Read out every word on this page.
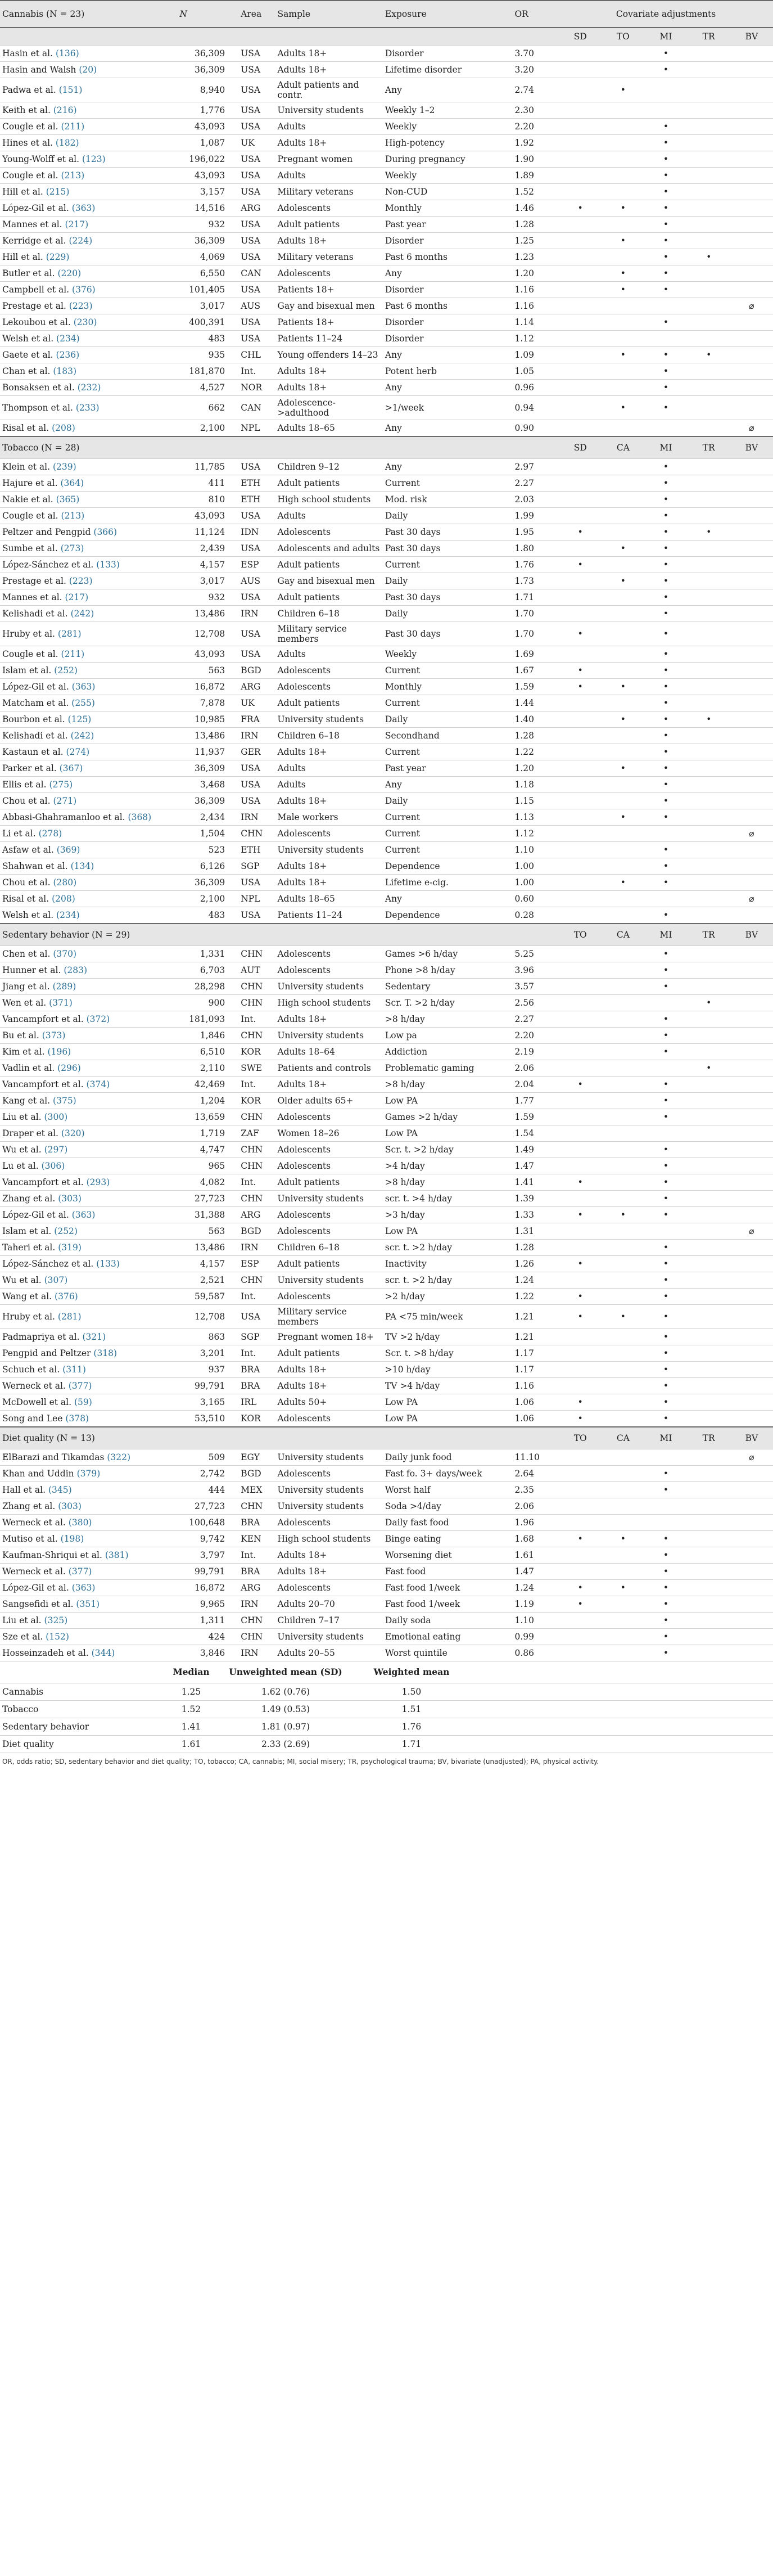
Cannabis (N = 23)	N	Area	Sample	Exposure	OR	Covariate adjustments				
						SD	TO	MI	TR	BV
Hasin et al. (136)	36,309	USA	Adults 18+	Disorder	3.70			•		
Hasin and Walsh (20)	36,309	USA	Adults 18+	Lifetime disorder	3.20			•		
Padwa et al. (151)	8,940	USA	Adult patients and contr.	Any	2.74		•			
Keith et al. (216)	1,776	USA	University students	Weekly 1–2	2.30					
Cougle et al. (211)	43,093	USA	Adults	Weekly	2.20			•		
Hines et al. (182)	1,087	UK	Adults 18+	High-potency	1.92			•		
Young-Wolff et al. (123)	196,022	USA	Pregnant women	During pregnancy	1.90			•		
Cougle et al. (213)	43,093	USA	Adults	Weekly	1.89			•		
Hill et al. (215)	3,157	USA	Military veterans	Non-CUD	1.52			•		
López-Gil et al. (363)	14,516	ARG	Adolescents	Monthly	1.46	•	•	•		
Mannes et al. (217)	932	USA	Adult patients	Past year	1.28			•		
Kerridge et al. (224)	36,309	USA	Adults 18+	Disorder	1.25		•	•		
Hill et al. (229)	4,069	USA	Military veterans	Past 6 months	1.23			•	•	
Butler et al. (220)	6,550	CAN	Adolescents	Any	1.20		•	•		
Campbell et al. (376)	101,405	USA	Patients 18+	Disorder	1.16		•	•		
Prestage et al. (223)	3,017	AUS	Gay and bisexual men	Past 6 months	1.16					⌀
Lekoubou et al. (230)	400,391	USA	Patients 18+	Disorder	1.14			•		
Welsh et al. (234)	483	USA	Patients 11–24	Disorder	1.12					
Gaete et al. (236)	935	CHL	Young offenders 14–23	Any	1.09		•	•	•	
Chan et al. (183)	181,870	Int.	Adults 18+	Potent herb	1.05			•		
Bonsaksen et al. (232)	4,527	NOR	Adults 18+	Any	0.96			•		
Thompson et al. (233)	662	CAN	Adolescence->adulthood	>1/week	0.94		•	•		
Risal et al. (208)	2,100	NPL	Adults 18–65	Any	0.90					⌀
Tobacco (N = 28)						SD	CA	MI	TR	BV
Klein et al. (239)	11,785	USA	Children 9–12	Any	2.97			•		
Hajure et al. (364)	411	ETH	Adult patients	Current	2.27			•		
Nakie et al. (365)	810	ETH	High school students	Mod. risk	2.03			•		
Cougle et al. (213)	43,093	USA	Adults	Daily	1.99			•		
Peltzer and Pengpid (366)	11,124	IDN	Adolescents	Past 30 days	1.95	•		•	•	
Sumbe et al. (273)	2,439	USA	Adolescents and adults	Past 30 days	1.80		•	•		
López-Sánchez et al. (133)	4,157	ESP	Adult patients	Current	1.76	•		•		
Prestage et al. (223)	3,017	AUS	Gay and bisexual men	Daily	1.73		•	•		
Mannes et al. (217)	932	USA	Adult patients	Past 30 days	1.71			•		
Kelishadi et al. (242)	13,486	IRN	Children 6–18	Daily	1.70			•		
Hruby et al. (281)	12,708	USA	Military service members	Past 30 days	1.70	•		•		
Cougle et al. (211)	43,093	USA	Adults	Weekly	1.69			•		
Islam et al. (252)	563	BGD	Adolescents	Current	1.67	•		•		
López-Gil et al. (363)	16,872	ARG	Adolescents	Monthly	1.59	•	•	•		
Matcham et al. (255)	7,878	UK	Adult patients	Current	1.44			•		
Bourbon et al. (125)	10,985	FRA	University students	Daily	1.40		•	•	•	
Kelishadi et al. (242)	13,486	IRN	Children 6–18	Secondhand	1.28			•		
Kastaun et al. (274)	11,937	GER	Adults 18+	Current	1.22			•		
Parker et al. (367)	36,309	USA	Adults	Past year	1.20		•	•		
Ellis et al. (275)	3,468	USA	Adults	Any	1.18			•		
Chou et al. (271)	36,309	USA	Adults 18+	Daily	1.15			•		
Abbasi-Ghahramanloo et al. (368)	2,434	IRN	Male workers	Current	1.13		•	•		
Li et al. (278)	1,504	CHN	Adolescents	Current	1.12					⌀
Asfaw et al. (369)	523	ETH	University students	Current	1.10			•		
Shahwan et al. (134)	6,126	SGP	Adults 18+	Dependence	1.00			•		
Chou et al. (280)	36,309	USA	Adults 18+	Lifetime e-cig.	1.00		•	•		
Risal et al. (208)	2,100	NPL	Adults 18–65	Any	0.60					⌀
Welsh et al. (234)	483	USA	Patients 11–24	Dependence	0.28			•		
Sedentary behavior (N = 29)						TO	CA	MI	TR	BV
Chen et al. (370)	1,331	CHN	Adolescents	Games >6 h/day	5.25			•		
Hunner et al. (283)	6,703	AUT	Adolescents	Phone >8 h/day	3.96			•		
Jiang et al. (289)	28,298	CHN	University students	Sedentary	3.57			•		
Wen et al. (371)	900	CHN	High school students	Scr. T. >2 h/day	2.56				•	
Vancampfort et al. (372)	181,093	Int.	Adults 18+	>8 h/day	2.27			•		
Bu et al. (373)	1,846	CHN	University students	Low pa	2.20			•		
Kim et al. (196)	6,510	KOR	Adults 18–64	Addiction	2.19			•		
Vadlin et al. (296)	2,110	SWE	Patients and controls	Problematic gaming	2.06				•	
Vancampfort et al. (374)	42,469	Int.	Adults 18+	>8 h/day	2.04	•		•		
Kang et al. (375)	1,204	KOR	Older adults 65+	Low PA	1.77			•		
Liu et al. (300)	13,659	CHN	Adolescents	Games >2 h/day	1.59			•		
Draper et al. (320)	1,719	ZAF	Women 18–26	Low PA	1.54					
Wu et al. (297)	4,747	CHN	Adolescents	Scr. t. >2 h/day	1.49			•		
Lu et al. (306)	965	CHN	Adolescents	>4 h/day	1.47			•		
Vancampfort et al. (293)	4,082	Int.	Adult patients	>8 h/day	1.41	•		•		
Zhang et al. (303)	27,723	CHN	University students	scr. t. >4 h/day	1.39			•		
López-Gil et al. (363)	31,388	ARG	Adolescents	>3 h/day	1.33	•	•	•		
Islam et al. (252)	563	BGD	Adolescents	Low PA	1.31					⌀
Taheri et al. (319)	13,486	IRN	Children 6–18	scr. t. >2 h/day	1.28			•		
López-Sánchez et al. (133)	4,157	ESP	Adult patients	Inactivity	1.26	•		•		
Wu et al. (307)	2,521	CHN	University students	scr. t. >2 h/day	1.24			•		
Wang et al. (376)	59,587	Int.	Adolescents	>2 h/day	1.22	•		•		
Hruby et al. (281)	12,708	USA	Military service members	PA <75 min/week	1.21	•	•	•		
Padmapriya et al. (321)	863	SGP	Pregnant women 18+	TV >2 h/day	1.21			•		
Pengpid and Peltzer (318)	3,201	Int.	Adult patients	Scr. t. >8 h/day	1.17			•		
Schuch et al. (311)	937	BRA	Adults 18+	>10 h/day	1.17			•		
Werneck et al. (377)	99,791	BRA	Adults 18+	TV >4 h/day	1.16			•		
McDowell et al. (59)	3,165	IRL	Adults 50+	Low PA	1.06	•		•		
Song and Lee (378)	53,510	KOR	Adolescents	Low PA	1.06	•		•		
Diet quality (N = 13)						TO	CA	MI	TR	BV
ElBarazi and Tikamdas (322)	509	EGY	University students	Daily junk food	11.10					⌀
Khan and Uddin (379)	2,742	BGD	Adolescents	Fast fo. 3+ days/week	2.64			•		
Hall et al. (345)	444	MEX	University students	Worst half	2.35			•		
Zhang et al. (303)	27,723	CHN	University students	Soda >4/day	2.06					
Werneck et al. (380)	100,648	BRA	Adolescents	Daily fast food	1.96					
Mutiso et al. (198)	9,742	KEN	High school students	Binge eating	1.68	•	•	•		
Kaufman-Shriqui et al. (381)	3,797	Int.	Adults 18+	Worsening diet	1.61			•		
Werneck et al. (377)	99,791	BRA	Adults 18+	Fast food	1.47			•		
López-Gil et al. (363)	16,872	ARG	Adolescents	Fast food 1/week	1.24	•	•	•		
Sangsefidi et al. (351)	9,965	IRN	Adults 20–70	Fast food 1/week	1.19	•		•		
Liu et al. (325)	1,311	CHN	Children 7–17	Daily soda	1.10			•		
Sze et al. (152)	424	CHN	University students	Emotional eating	0.99			•		
Hosseinzadeh et al. (344)	3,846	IRN	Adults 20–55	Worst quintile	0.86			•		
	Median	Unweighted mean (SD)	Weighted mean	
Cannabis	1.25	1.62 (0.76)	1.50	
Tobacco	1.52	1.49 (0.53)	1.51	
Sedentary behavior	1.41	1.81 (0.97)	1.76	
Diet quality	1.61	2.33 (2.69)	1.71	
OR, odds ratio; SD, sedentary behavior and diet quality; TO, tobacco; CA, cannabis; MI, social misery; TR, psychological trauma; BV, bivariate (unadjusted); PA, physical activity.
